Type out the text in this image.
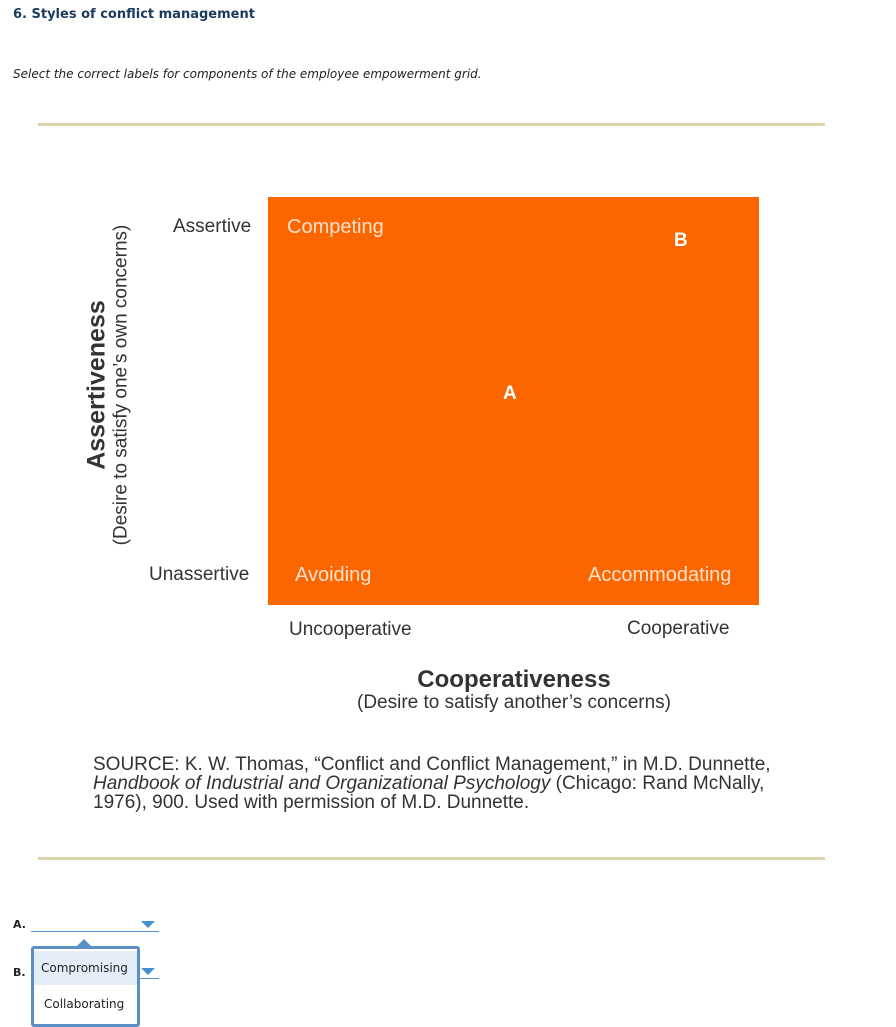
6. Styles of conflict management
Select the correct labels for components of the employee empowerment grid.
Assertiveness (Desire to satisfy one’s own concerns) Assertive
Unassertive
Competing
B
A
Avoiding	Accommodating
Uncooperative	Cooperative
Cooperativeness
(Desire to satisfy another’s concerns)
SOURCE: K. W. Thomas, “Conflict and Conflict Management,” in M.D. Dunnette,
Handbook of Industrial and Organizational Psychology (Chicago: Rand McNally,
1976), 900. Used with permission of M.D. Dunnette.
A.
B.	Compromising
Collaborating
